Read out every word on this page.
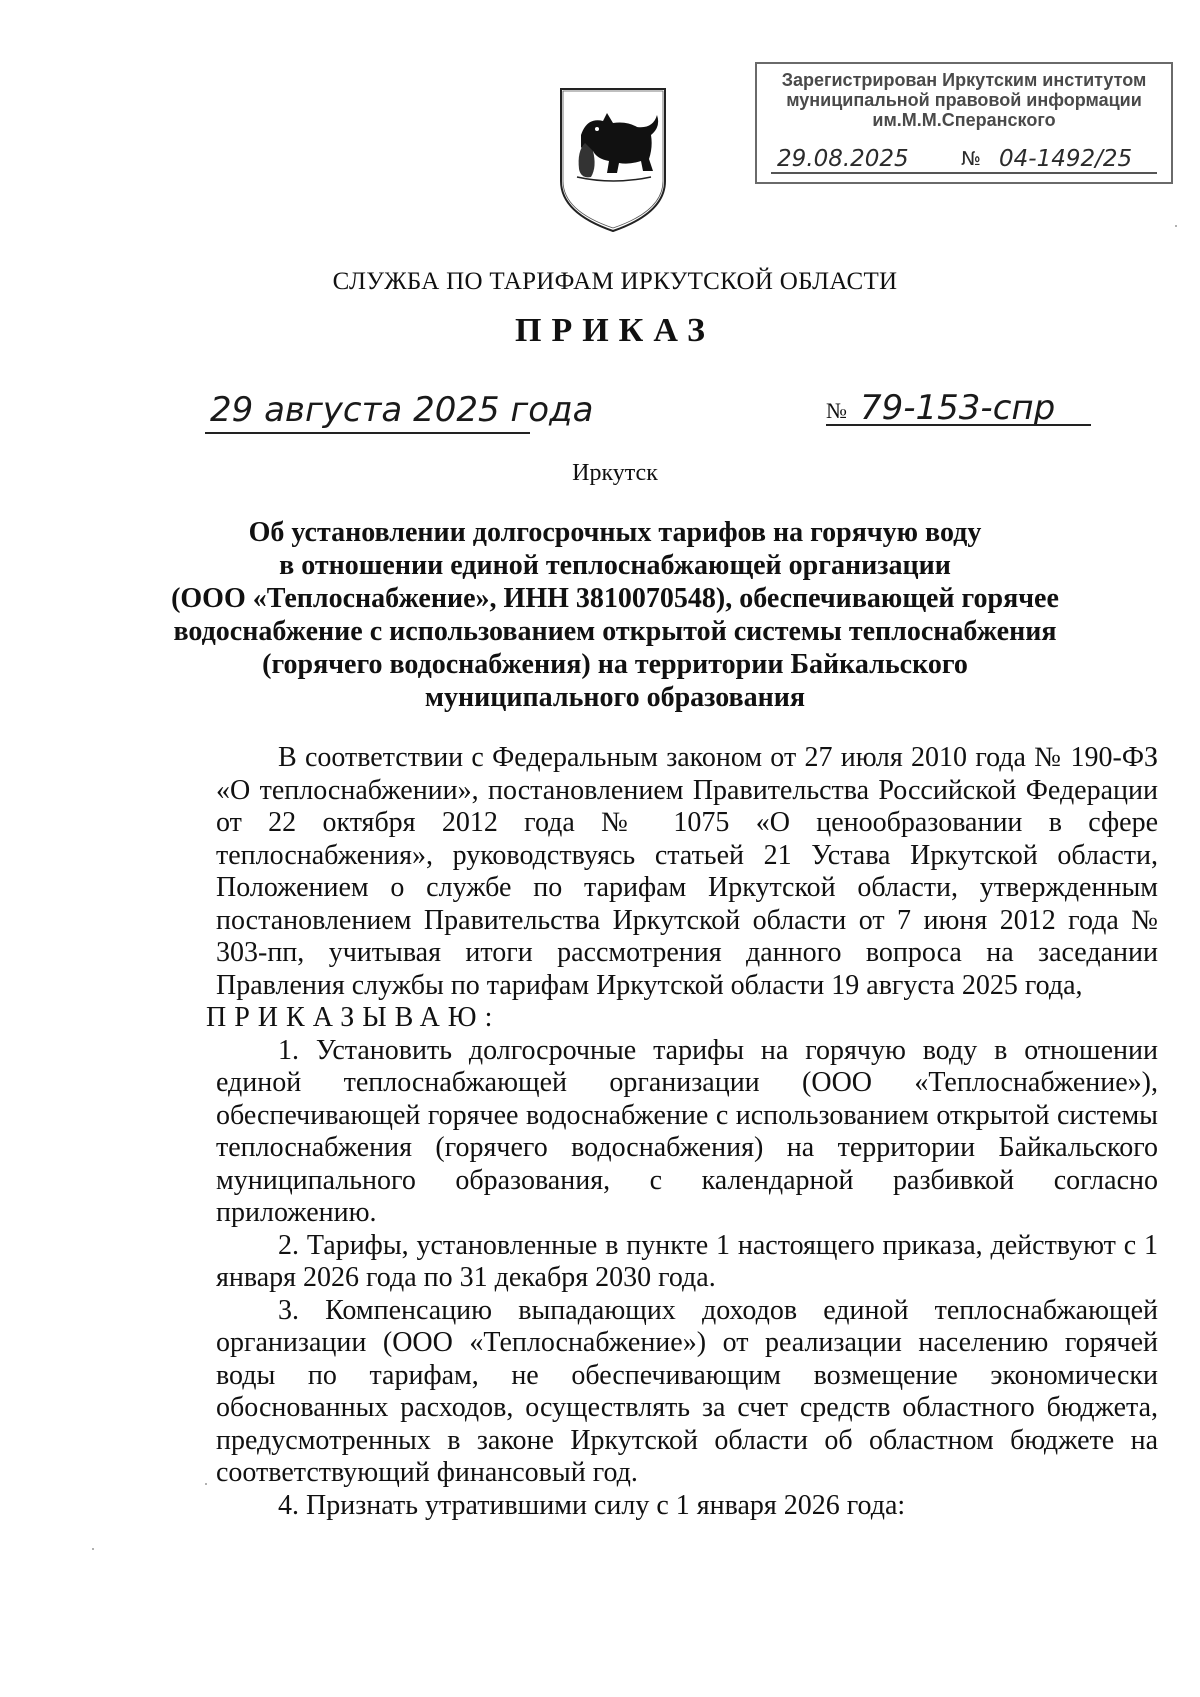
Зарегистрирован Иркутским институтом
муниципальной правовой информации
им.М.М.Сперанского
29.08.2025	№ 04-1492/25
СЛУЖБА ПО ТАРИФАМ ИРКУТСКОЙ ОБЛАСТИ
ПРИКАЗ
29 августа 2025 года	№ 79-153-спр
Иркутск
Об установлении долгосрочных тарифов на горячую воду
в отношении единой теплоснабжающей организации
(ООО «Теплоснабжение», ИНН 3810070548), обеспечивающей горячее
водоснабжение с использованием открытой системы теплоснабжения
(горячего водоснабжения) на территории Байкальского
муниципального образования

В соответствии с Федеральным законом от 27 июля 2010 года № 190-ФЗ «О теплоснабжении», постановлением Правительства Российской Федерации от 22 октября 2012 года № 1075 «О ценообразовании в сфере теплоснабжения», руководствуясь статьей 21 Устава Иркутской области, Положением о службе по тарифам Иркутской области, утвержденным постановлением Правительства Иркутской области от 7 июня 2012 года № 303-пп, учитывая итоги рассмотрения данного вопроса на заседании Правления службы по тарифам Иркутской области 19 августа 2025 года,

ПРИКАЗЫВАЮ:

1. Установить долгосрочные тарифы на горячую воду в отношении единой теплоснабжающей организации (ООО «Теплоснабжение»), обеспечивающей горячее водоснабжение с использованием открытой системы теплоснабжения (горячего водоснабжения) на территории Байкальского муниципального образования, с календарной разбивкой согласно приложению.

2. Тарифы, установленные в пункте 1 настоящего приказа, действуют с 1 января 2026 года по 31 декабря 2030 года.

3. Компенсацию выпадающих доходов единой теплоснабжающей организации (ООО «Теплоснабжение») от реализации населению горячей воды по тарифам, не обеспечивающим возмещение экономически обоснованных расходов, осуществлять за счет средств областного бюджета, предусмотренных в законе Иркутской области об областном бюджете на соответствующий финансовый год.

4. Признать утратившими силу с 1 января 2026 года:
